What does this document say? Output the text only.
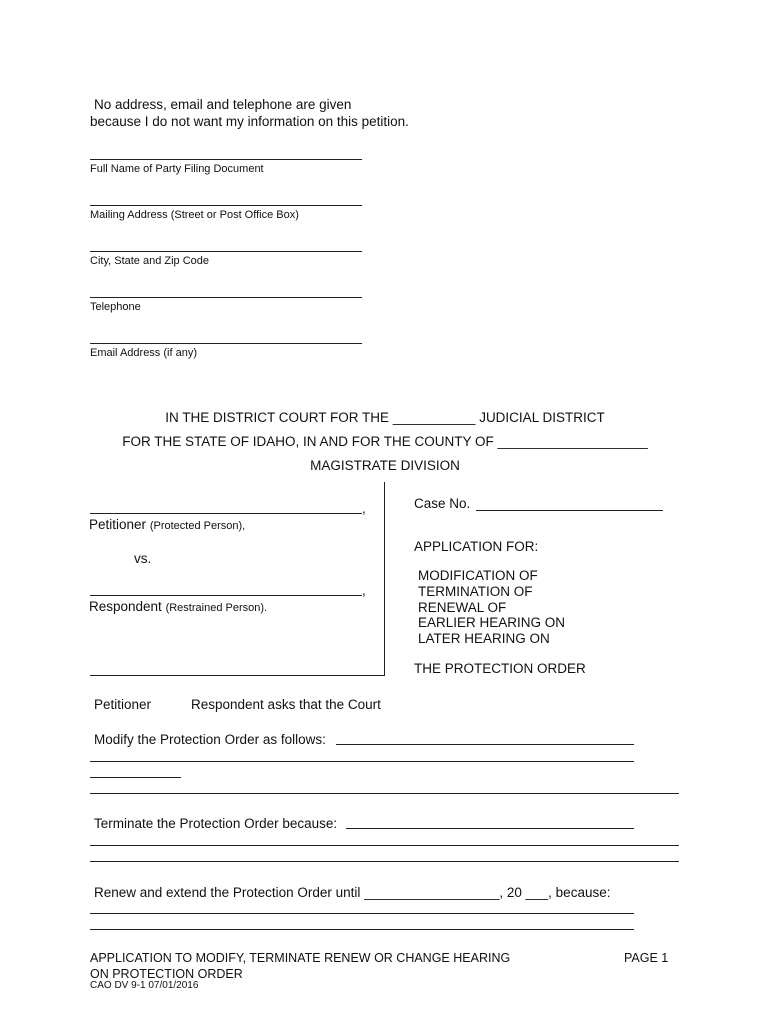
No address, email and telephone are given
because I do not want my information on this petition.
Full Name of Party Filing Document
Mailing Address (Street or Post Office Box)
City, State and Zip Code
Telephone
Email Address (if any)
IN THE DISTRICT COURT FOR THE ___________ JUDICIAL DISTRICT
FOR THE STATE OF IDAHO, IN AND FOR THE COUNTY OF ____________________
MAGISTRATE DIVISION
,
Petitioner (Protected Person),
vs.
,
Respondent (Restrained Person).
Case No.
APPLICATION FOR:
MODIFICATION OF
TERMINATION OF
RENEWAL OF
EARLIER HEARING ON
LATER HEARING ON
THE PROTECTION ORDER
Petitioner	Respondent asks that the Court
Modify the Protection Order as follows:
Terminate the Protection Order because:
Renew and extend the Protection Order until __________________, 20 ___, because:
APPLICATION TO MODIFY, TERMINATE RENEW OR CHANGE HEARING
ON PROTECTION ORDER
PAGE 1
CAO DV 9-1 07/01/2016
